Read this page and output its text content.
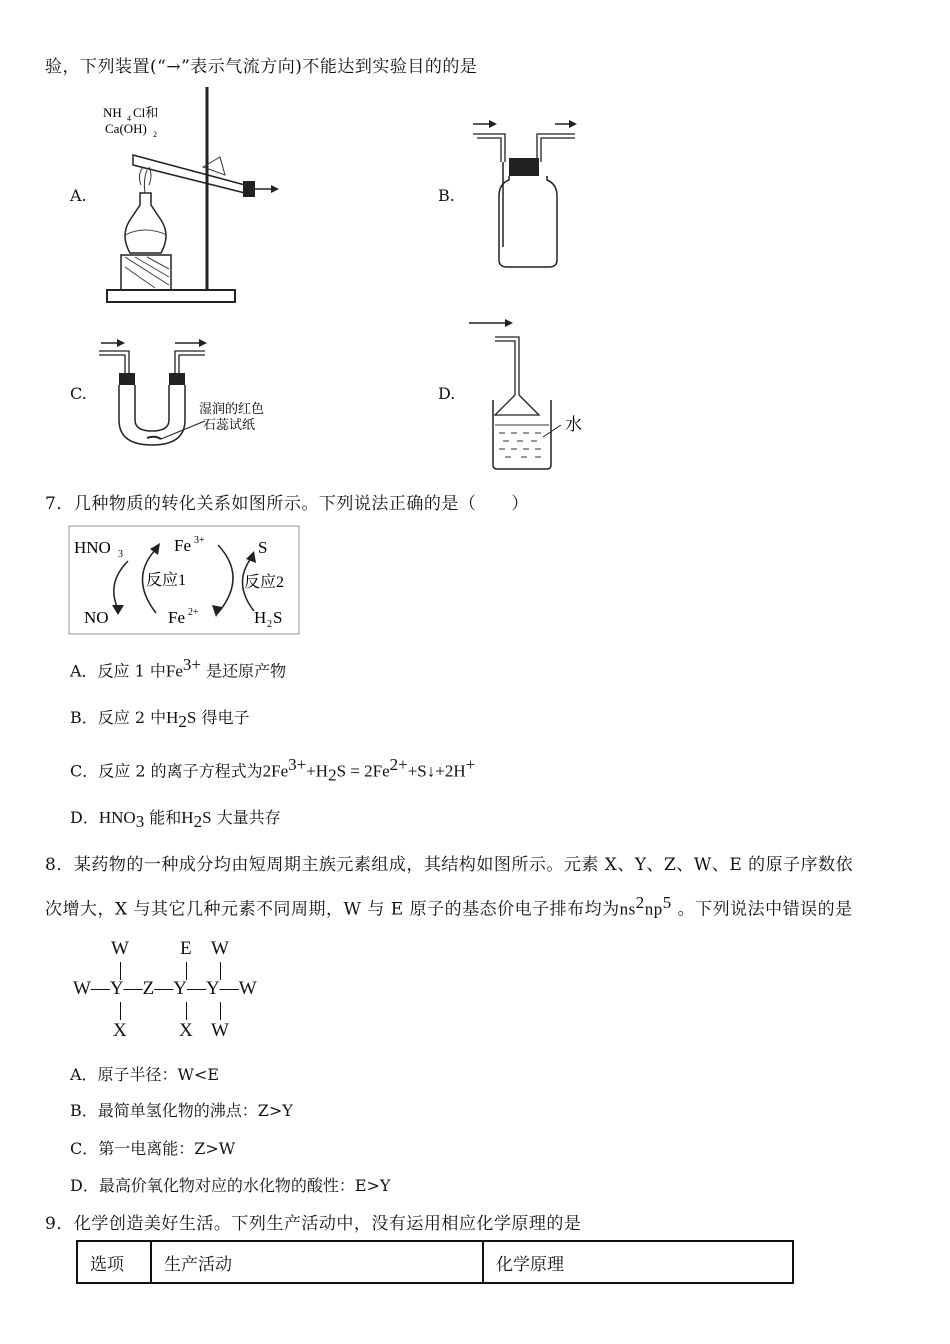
验，下列装置(“→”表示气流方向)不能达到实验目的的是
A.	B.
C.	D.
NH 4 Cl和
Ca(OH) 2
湿润的红色
石蕊试纸	水
7．几种物质的转化关系如图所示。下列说法正确的是（　　）
HNO 3
NO
Fe 3+
Fe 2+
S
H 2 S
反应1	反应2
A．反应 1 中$Fe^{3+}$ 是还原产物
B．反应 2 中$H_2S$ 得电子
C．反应 2 的离子方程式为$2Fe^{3+}+H_2S$ = $2Fe^{2+}+S↓+2H^+$
D．$HNO_3$ 能和$H_2S$ 大量共存
8．某药物的一种成分均由短周期主族元素组成，其结构如图所示。元素 X、Y、Z、W、E 的原子序数依
次增大，X 与其它几种元素不同周期，W 与 E 原子的基态价电子排布均为$ns^2np^5$ 。下列说法中错误的是
W	E W
W—Y—Z—Y—Y—W
X	X W
A．原子半径：W<E
B．最简单氢化物的沸点：Z>Y
C．第一电离能：Z>W
D．最高价氧化物对应的水化物的酸性：E>Y
9．化学创造美好生活。下列生产活动中，没有运用相应化学原理的是
选项	生产活动	化学原理
